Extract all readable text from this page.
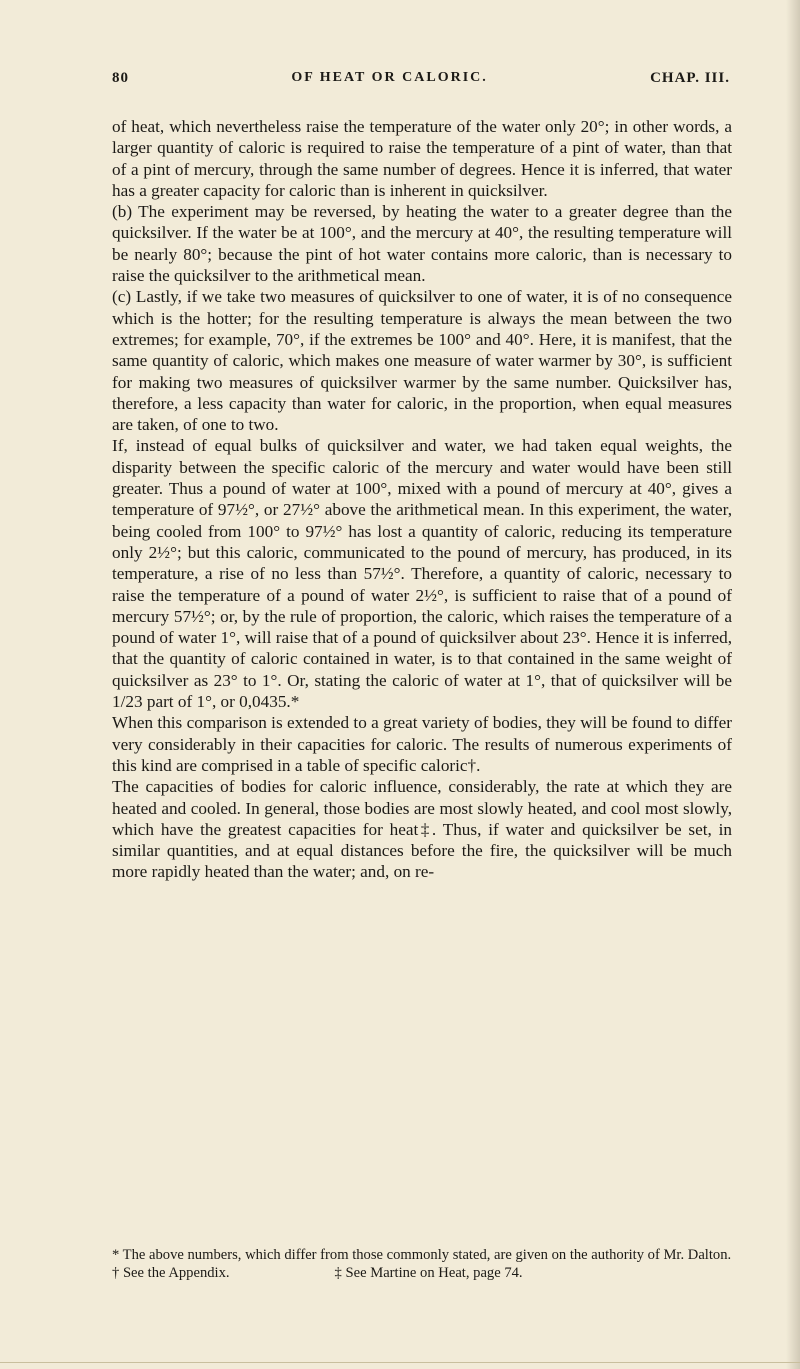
80	OF HEAT OR CALORIC.	CHAP. III.

of heat, which nevertheless raise the temperature of the water only 20°; in other words, a larger quantity of caloric is required to raise the temperature of a pint of water, than that of a pint of mercury, through the same number of degrees. Hence it is inferred, that water has a greater capacity for caloric than is inherent in quicksilver.

(b) The experiment may be reversed, by heating the water to a greater degree than the quicksilver. If the water be at 100°, and the mercury at 40°, the resulting temperature will be nearly 80°; because the pint of hot water contains more caloric, than is necessary to raise the quicksilver to the arithmetical mean.

(c) Lastly, if we take two measures of quicksilver to one of water, it is of no consequence which is the hotter; for the resulting temperature is always the mean between the two extremes; for example, 70°, if the extremes be 100° and 40°. Here, it is manifest, that the same quantity of caloric, which makes one measure of water warmer by 30°, is sufficient for making two measures of quicksilver warmer by the same number. Quicksilver has, therefore, a less capacity than water for caloric, in the proportion, when equal measures are taken, of one to two.

If, instead of equal bulks of quicksilver and water, we had taken equal weights, the disparity between the specific caloric of the mercury and water would have been still greater. Thus a pound of water at 100°, mixed with a pound of mercury at 40°, gives a temperature of 97½°, or 27½° above the arithmetical mean. In this experiment, the water, being cooled from 100° to 97½° has lost a quantity of caloric, reducing its temperature only 2½°; but this caloric, communicated to the pound of mercury, has produced, in its temperature, a rise of no less than 57½°. Therefore, a quantity of caloric, necessary to raise the temperature of a pound of water 2½°, is sufficient to raise that of a pound of mercury 57½°; or, by the rule of proportion, the caloric, which raises the temperature of a pound of water 1°, will raise that of a pound of quicksilver about 23°. Hence it is inferred, that the quantity of caloric contained in water, is to that contained in the same weight of quicksilver as 23° to 1°. Or, stating the caloric of water at 1°, that of quicksilver will be 1/23 part of 1°, or 0,0435.*

When this comparison is extended to a great variety of bodies, they will be found to differ very considerably in their capacities for caloric. The results of numerous experiments of this kind are comprised in a table of specific caloric†.

The capacities of bodies for caloric influence, considerably, the rate at which they are heated and cooled. In general, those bodies are most slowly heated, and cool most slowly, which have the greatest capacities for heat‡. Thus, if water and quicksilver be set, in similar quantities, and at equal distances before the fire, the quicksilver will be much more rapidly heated than the water; and, on re-

* The above numbers, which differ from those commonly stated, are given on the authority of Mr. Dalton.

† See the Appendix.	‡ See Martine on Heat, page 74.
